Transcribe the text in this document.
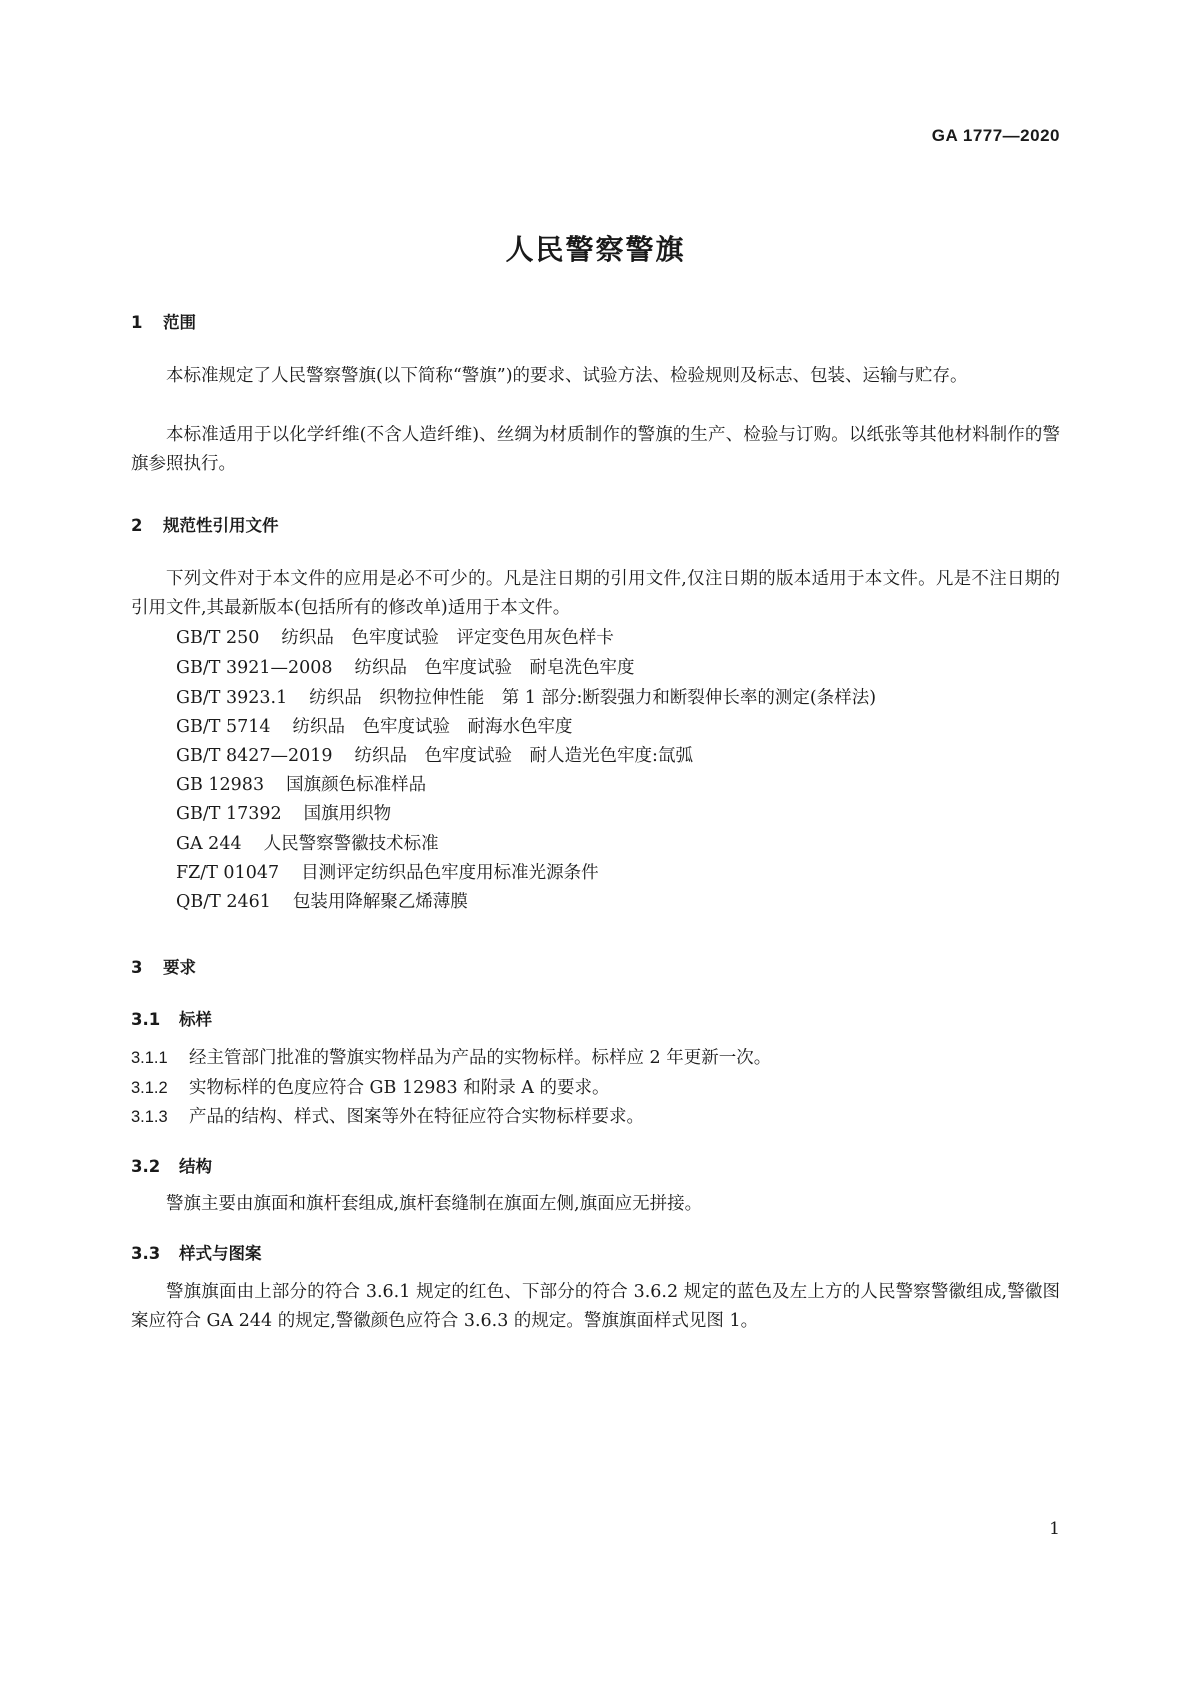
GA 1777—2020
人民警察警旗
1 范围
本标准规定了人民警察警旗(以下简称“警旗”)的要求、试验方法、检验规则及标志、包装、运输与贮存。
本标准适用于以化学纤维(不含人造纤维)、丝绸为材质制作的警旗的生产、检验与订购。以纸张等其他材料制作的警旗参照执行。
2 规范性引用文件
下列文件对于本文件的应用是必不可少的。凡是注日期的引用文件,仅注日期的版本适用于本文件。凡是不注日期的引用文件,其最新版本(包括所有的修改单)适用于本文件。
GB/T 250 纺织品　色牢度试验　评定变色用灰色样卡
GB/T 3921—2008 纺织品　色牢度试验　耐皂洗色牢度
GB/T 3923.1 纺织品　织物拉伸性能　第 1 部分:断裂强力和断裂伸长率的测定(条样法)
GB/T 5714 纺织品　色牢度试验　耐海水色牢度
GB/T 8427—2019 纺织品　色牢度试验　耐人造光色牢度:氙弧
GB 12983 国旗颜色标准样品
GB/T 17392 国旗用织物
GA 244 人民警察警徽技术标准
FZ/T 01047 目测评定纺织品色牢度用标准光源条件
QB/T 2461 包装用降解聚乙烯薄膜
3 要求
3.1 标样
3.1.1 经主管部门批准的警旗实物样品为产品的实物标样。标样应 2 年更新一次。
3.1.2 实物标样的色度应符合 GB 12983 和附录 A 的要求。
3.1.3 产品的结构、样式、图案等外在特征应符合实物标样要求。
3.2 结构
警旗主要由旗面和旗杆套组成,旗杆套缝制在旗面左侧,旗面应无拼接。
3.3 样式与图案
警旗旗面由上部分的符合 3.6.1 规定的红色、下部分的符合 3.6.2 规定的蓝色及左上方的人民警察警徽组成,警徽图案应符合 GA 244 的规定,警徽颜色应符合 3.6.3 的规定。警旗旗面样式见图 1。
1
